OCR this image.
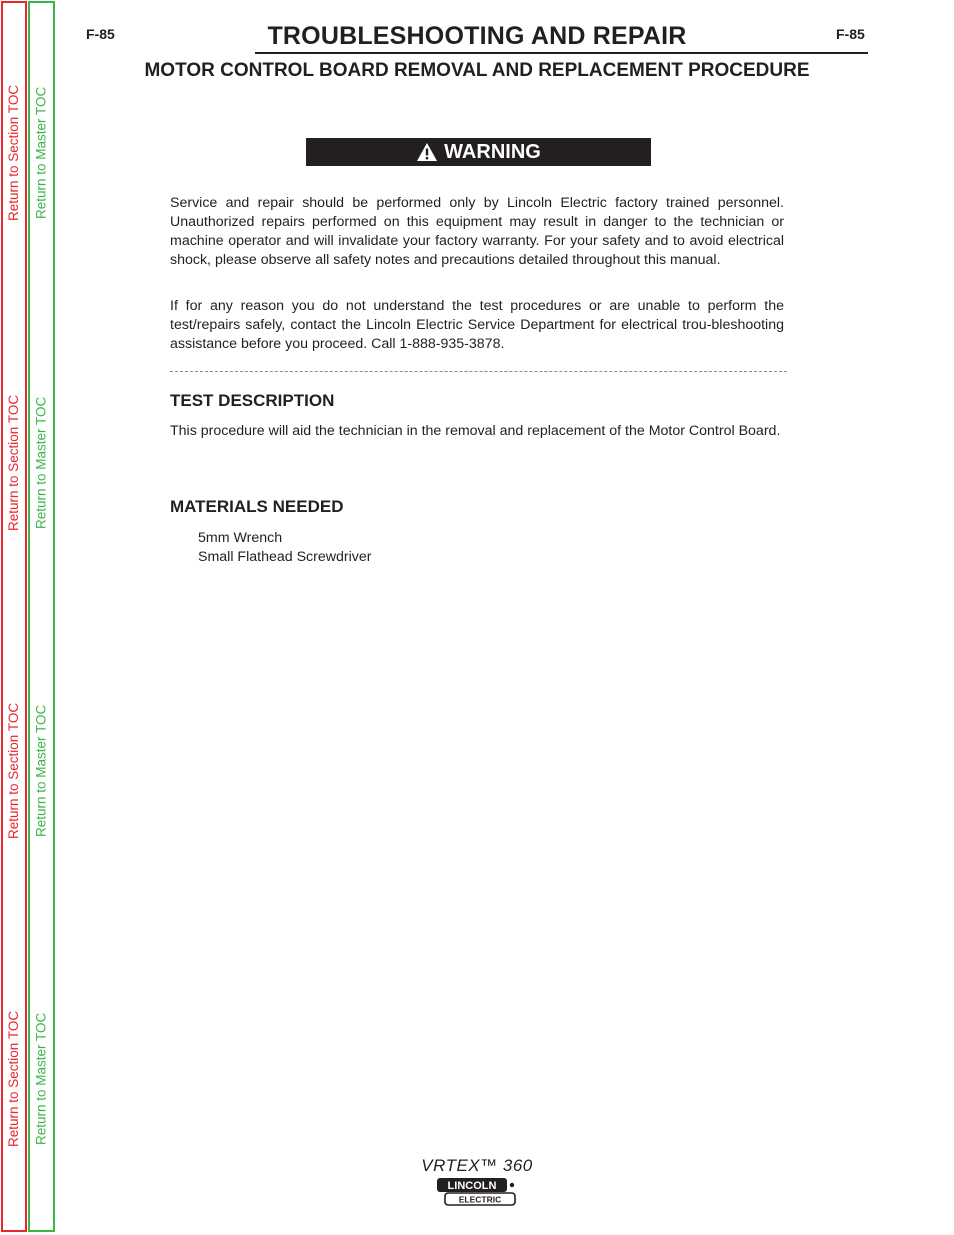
Return to Section TOC
Return to Section TOC
Return to Section TOC
Return to Section TOC
Return to Master TOC
Return to Master TOC
Return to Master TOC
Return to Master TOC
F-85	F-85
TROUBLESHOOTING AND REPAIR
MOTOR CONTROL BOARD REMOVAL AND REPLACEMENT PROCEDURE
WARNING

Service and repair should be performed only by Lincoln Electric factory trained personnel. Unauthorized repairs performed on this equipment may result in danger to the technician or machine operator and will invalidate your factory warranty. For your safety and to avoid electrical shock, please observe all safety notes and precautions detailed throughout this manual.

If for any reason you do not understand the test procedures or are unable to perform the test/repairs safely, contact the Lincoln Electric Service Department for electrical trou-bleshooting assistance before you proceed. Call 1-888-935-3878.

TEST DESCRIPTION

This procedure will aid the technician in the removal and replacement of the Motor Control Board.

MATERIALS NEEDED
5mm Wrench
Small Flathead Screwdriver
VRTEX™ 360
LINCOLN
ELECTRIC
